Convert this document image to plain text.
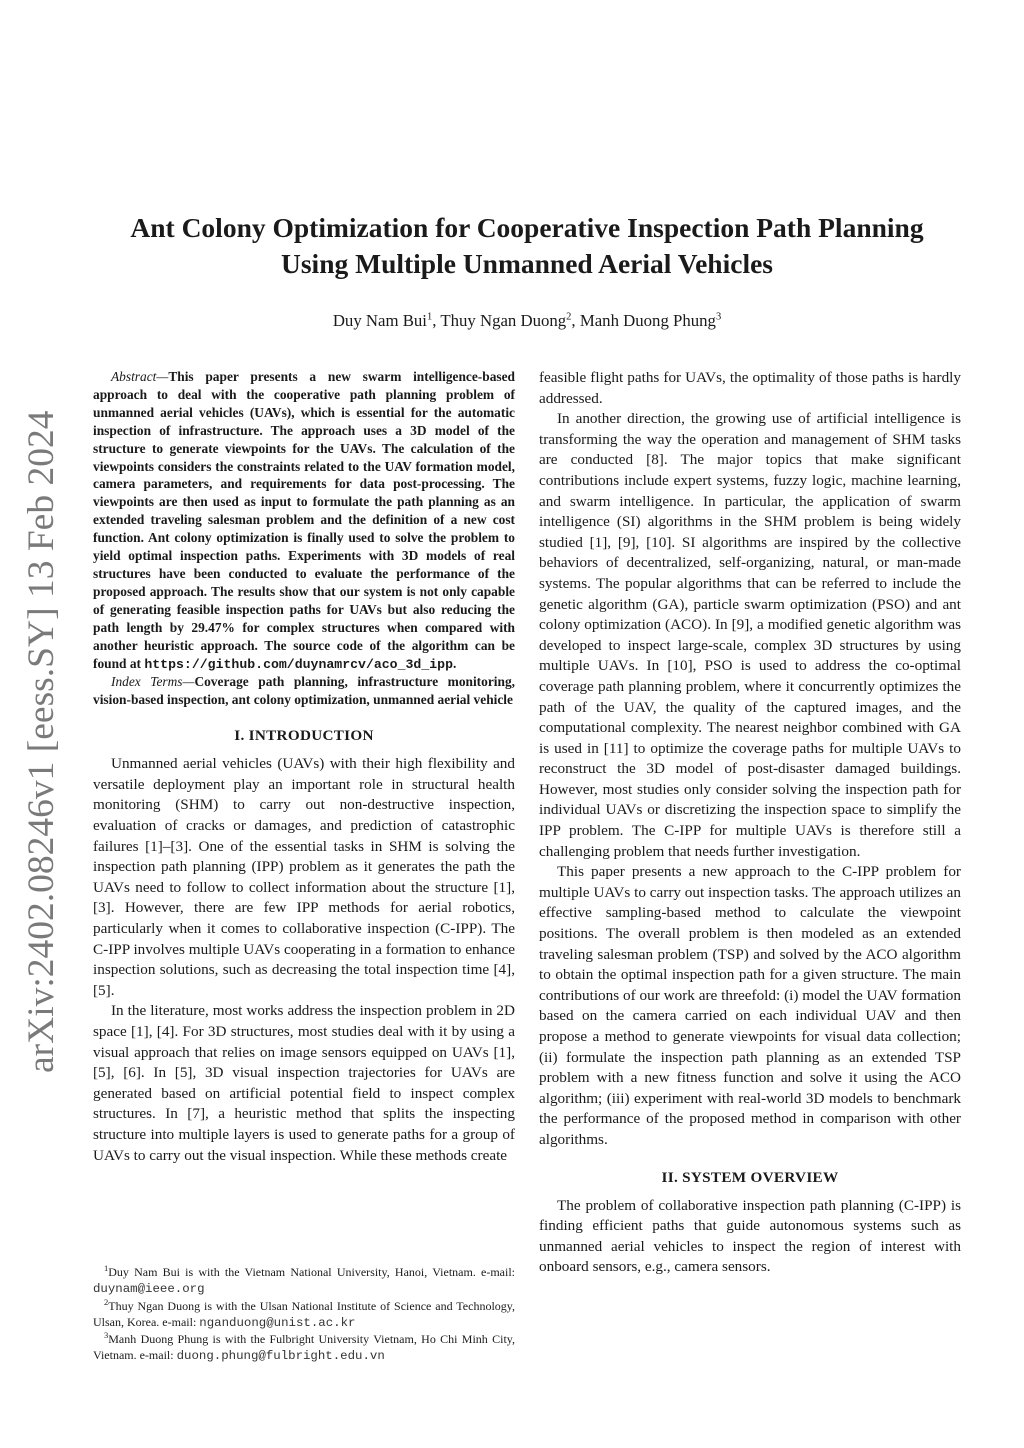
arXiv:2402.08246v1 [eess.SY] 13 Feb 2024
Ant Colony Optimization for Cooperative Inspection Path Planning
Using Multiple Unmanned Aerial Vehicles
Duy Nam Bui$^1$, Thuy Ngan Duong$^2$, Manh Duong Phung$^3$

Abstract—This paper presents a new swarm intelligence-based approach to deal with the cooperative path planning problem of unmanned aerial vehicles (UAVs), which is essential for the automatic inspection of infrastructure. The approach uses a 3D model of the structure to generate viewpoints for the UAVs. The calculation of the viewpoints considers the constraints related to the UAV formation model, camera parameters, and requirements for data post-processing. The viewpoints are then used as input to formulate the path planning as an extended traveling salesman problem and the definition of a new cost function. Ant colony optimization is finally used to solve the problem to yield optimal inspection paths. Experiments with 3D models of real structures have been conducted to evaluate the performance of the proposed approach. The results show that our system is not only capable of generating feasible inspection paths for UAVs but also reducing the path length by 29.47% for complex structures when compared with another heuristic approach. The source code of the algorithm can be found at https://github.com/duynamrcv/aco_3d_ipp.

Index Terms—Coverage path planning, infrastructure monitoring, vision-based inspection, ant colony optimization, unmanned aerial vehicle

I. INTRODUCTION

Unmanned aerial vehicles (UAVs) with their high flexibility and versatile deployment play an important role in structural health monitoring (SHM) to carry out non-destructive inspection, evaluation of cracks or damages, and prediction of catastrophic failures [1]–[3]. One of the essential tasks in SHM is solving the inspection path planning (IPP) problem as it generates the path the UAVs need to follow to collect information about the structure [1], [3]. However, there are few IPP methods for aerial robotics, particularly when it comes to collaborative inspection (C-IPP). The C-IPP involves multiple UAVs cooperating in a formation to enhance inspection solutions, such as decreasing the total inspection time [4], [5].

In the literature, most works address the inspection problem in 2D space [1], [4]. For 3D structures, most studies deal with it by using a visual approach that relies on image sensors equipped on UAVs [1], [5], [6]. In [5], 3D visual inspection trajectories for UAVs are generated based on artificial potential field to inspect complex structures. In [7], a heuristic method that splits the inspecting structure into multiple layers is used to generate paths for a group of UAVs to carry out the visual inspection. While these methods create

feasible flight paths for UAVs, the optimality of those paths is hardly addressed.

In another direction, the growing use of artificial intelligence is transforming the way the operation and management of SHM tasks are conducted [8]. The major topics that make significant contributions include expert systems, fuzzy logic, machine learning, and swarm intelligence. In particular, the application of swarm intelligence (SI) algorithms in the SHM problem is being widely studied [1], [9], [10]. SI algorithms are inspired by the collective behaviors of decentralized, self-organizing, natural, or man-made systems. The popular algorithms that can be referred to include the genetic algorithm (GA), particle swarm optimization (PSO) and ant colony optimization (ACO). In [9], a modified genetic algorithm was developed to inspect large-scale, complex 3D structures by using multiple UAVs. In [10], PSO is used to address the co-optimal coverage path planning problem, where it concurrently optimizes the path of the UAV, the quality of the captured images, and the computational complexity. The nearest neighbor combined with GA is used in [11] to optimize the coverage paths for multiple UAVs to reconstruct the 3D model of post-disaster damaged buildings. However, most studies only consider solving the inspection path for individual UAVs or discretizing the inspection space to simplify the IPP problem. The C-IPP for multiple UAVs is therefore still a challenging problem that needs further investigation.

This paper presents a new approach to the C-IPP problem for multiple UAVs to carry out inspection tasks. The approach utilizes an effective sampling-based method to calculate the viewpoint positions. The overall problem is then modeled as an extended traveling salesman problem (TSP) and solved by the ACO algorithm to obtain the optimal inspection path for a given structure. The main contributions of our work are threefold: (i) model the UAV formation based on the camera carried on each individual UAV and then propose a method to generate viewpoints for visual data collection; (ii) formulate the inspection path planning as an extended TSP problem with a new fitness function and solve it using the ACO algorithm; (iii) experiment with real-world 3D models to benchmark the performance of the proposed method in comparison with other algorithms.

II. SYSTEM OVERVIEW

The problem of collaborative inspection path planning (C-IPP) is finding efficient paths that guide autonomous systems such as unmanned aerial vehicles to inspect the region of interest with onboard sensors, e.g., camera sensors.

$^1$Duy Nam Bui is with the Vietnam National University, Hanoi, Vietnam. e-mail: duynam@ieee.org

$^2$Thuy Ngan Duong is with the Ulsan National Institute of Science and Technology, Ulsan, Korea. e-mail: nganduong@unist.ac.kr

$^3$Manh Duong Phung is with the Fulbright University Vietnam, Ho Chi Minh City, Vietnam. e-mail: duong.phung@fulbright.edu.vn
